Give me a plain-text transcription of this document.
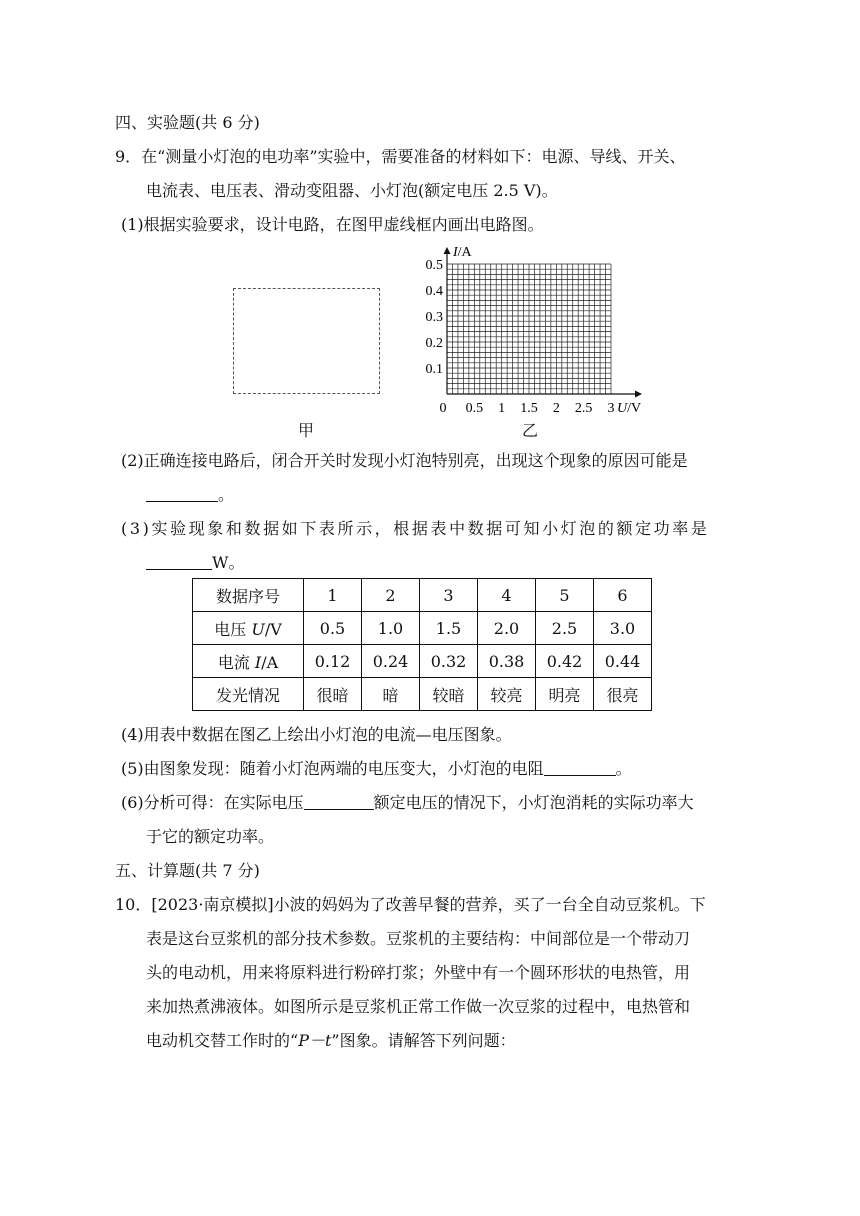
四、实验题(共 6 分)
9．在“测量小灯泡的电功率”实验中，需要准备的材料如下：电源、导线、开关、
电流表、电压表、滑动变阻器、小灯泡(额定电压 2.5 V)。
(1)根据实验要求，设计电路，在图甲虚线框内画出电路图。
甲	乙
0 0.5 1 1.5 2 2.5 3
0.1
0.2
0.3
0.4
0.5
I/A
U/V
(2)正确连接电路后，闭合开关时发现小灯泡特别亮，出现这个现象的原因可能是
。
(3)实验现象和数据如下表所示，根据表中数据可知小灯泡的额定功率是
W。
数据序号	1	2	3	4	5	6
电压 U/V	0.5	1.0	1.5	2.0	2.5	3.0
电流 I/A	0.12	0.24	0.32	0.38	0.42	0.44
发光情况	很暗	暗	较暗	较亮	明亮	很亮
(4)用表中数据在图乙上绘出小灯泡的电流—电压图象。
(5)由图象发现：随着小灯泡两端的电压变大，小灯泡的电阻	。
(6)分析可得：在实际电压	额定电压的情况下，小灯泡消耗的实际功率大
于它的额定功率。
五、计算题(共 7 分)
10．[2023·南京模拟]小波的妈妈为了改善早餐的营养，买了一台全自动豆浆机。下
表是这台豆浆机的部分技术参数。豆浆机的主要结构：中间部位是一个带动刀
头的电动机，用来将原料进行粉碎打浆；外壁中有一个圆环形状的电热管，用
来加热煮沸液体。如图所示是豆浆机正常工作做一次豆浆的过程中，电热管和
电动机交替工作时的“P－t”图象。请解答下列问题：
